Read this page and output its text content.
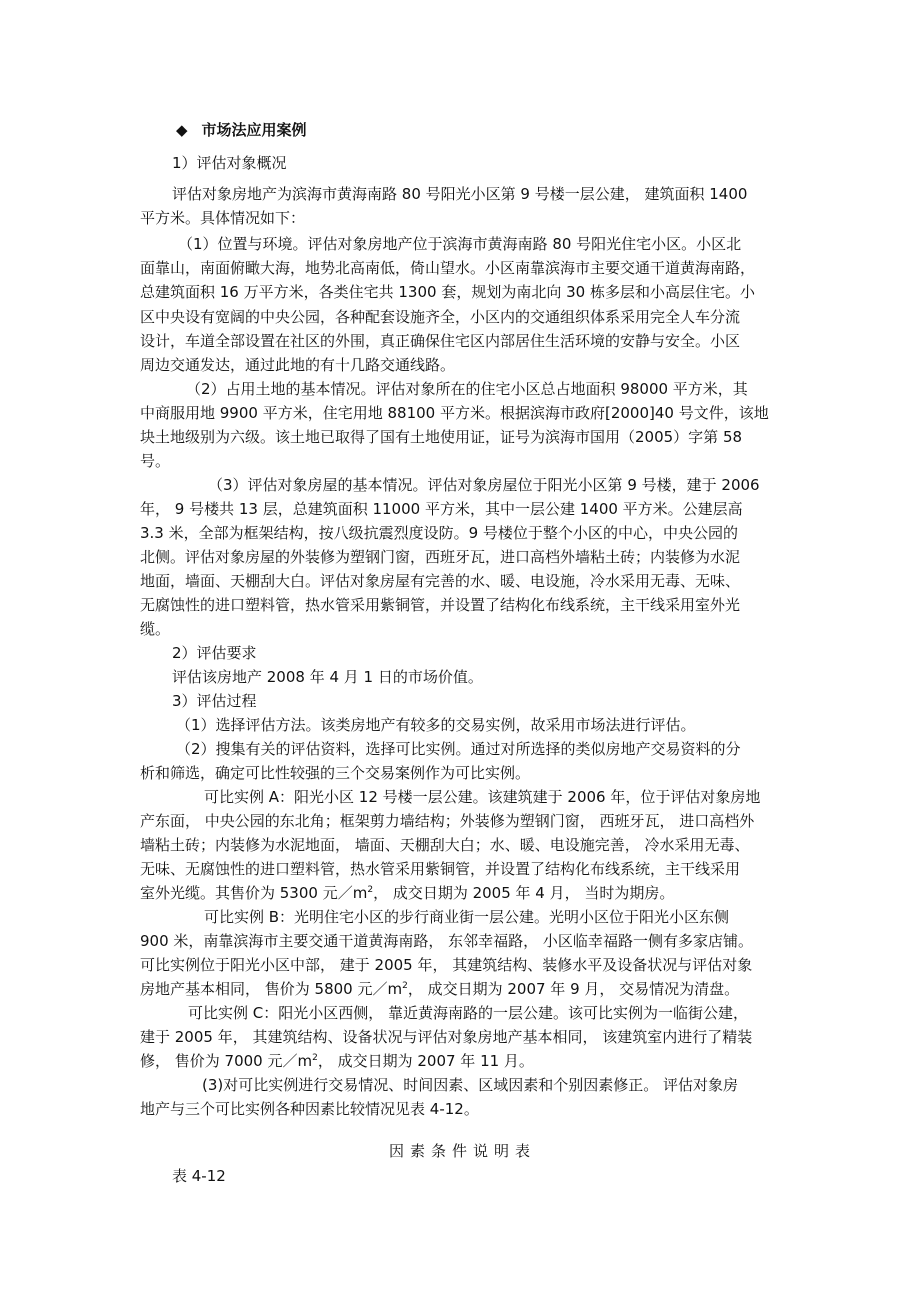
◆ 市场法应用案例
1）评估对象概况
评估对象房地产为滨海市黄海南路 80 号阳光小区第 9 号楼一层公建， 建筑面积 1400
平方米。具体情况如下：
（1）位置与环境。评估对象房地产位于滨海市黄海南路 80 号阳光住宅小区。小区北
面靠山，南面俯瞰大海，地势北高南低，倚山望水。小区南靠滨海市主要交通干道黄海南路，
总建筑面积 16 万平方米，各类住宅共 1300 套，规划为南北向 30 栋多层和小高层住宅。小
区中央设有宽阔的中央公园，各种配套设施齐全，小区内的交通组织体系采用完全人车分流
设计，车道全部设置在社区的外围，真正确保住宅区内部居住生活环境的安静与安全。小区
周边交通发达，通过此地的有十几路交通线路。
（2）占用土地的基本情况。评估对象所在的住宅小区总占地面积 98000 平方米，其
中商服用地 9900 平方米，住宅用地 88100 平方米。根据滨海市政府[2000]40 号文件，该地
块土地级别为六级。该土地已取得了国有土地使用证，证号为滨海市国用（2005）字第 58
号。
（3）评估对象房屋的基本情况。评估对象房屋位于阳光小区第 9 号楼，建于 2006
年， 9 号楼共 13 层，总建筑面积 11000 平方米，其中一层公建 1400 平方米。公建层高
3.3 米，全部为框架结构，按八级抗震烈度设防。9 号楼位于整个小区的中心，中央公园的
北侧。评估对象房屋的外装修为塑钢门窗，西班牙瓦，进口高档外墙粘土砖；内装修为水泥
地面，墙面、天棚刮大白。评估对象房屋有完善的水、暖、电设施，冷水采用无毒、无味、
无腐蚀性的进口塑料管，热水管采用紫铜管，并设置了结构化布线系统，主干线采用室外光
缆。
2）评估要求
评估该房地产 2008 年 4 月 1 日的市场价值。
3）评估过程
（1）选择评估方法。该类房地产有较多的交易实例，故采用市场法进行评估。
（2）搜集有关的评估资料，选择可比实例。通过对所选择的类似房地产交易资料的分
析和筛选，确定可比性较强的三个交易案例作为可比实例。
可比实例 A：阳光小区 12 号楼一层公建。该建筑建于 2006 年，位于评估对象房地
产东面， 中央公园的东北角；框架剪力墙结构；外装修为塑钢门窗， 西班牙瓦， 进口高档外
墙粘土砖；内装修为水泥地面， 墙面、天棚刮大白；水、暖、电设施完善， 冷水采用无毒、
无味、无腐蚀性的进口塑料管，热水管采用紫铜管，并设置了结构化布线系统，主干线采用
室外光缆。其售价为 5300 元$/m^2$， 成交日期为 2005 年 4 月， 当时为期房。
可比实例 B：光明住宅小区的步行商业街一层公建。光明小区位于阳光小区东侧
900 米，南靠滨海市主要交通干道黄海南路， 东邻幸福路， 小区临幸福路一侧有多家店铺。
可比实例位于阳光小区中部， 建于 2005 年， 其建筑结构、装修水平及设备状况与评估对象
房地产基本相同， 售价为 5800 元$/m^2$， 成交日期为 2007 年 9 月， 交易情况为清盘。
可比实例 C：阳光小区西侧， 靠近黄海南路的一层公建。该可比实例为一临街公建，
建于 2005 年， 其建筑结构、设备状况与评估对象房地产基本相同， 该建筑室内进行了精装
修， 售价为 7000 元$/m^2$， 成交日期为 2007 年 11 月。
(3)对可比实例进行交易情况、时间因素、区域因素和个别因素修正。 评估对象房
地产与三个可比实例各种因素比较情况见表 4-12。
因素条件说明表
表 4-12
